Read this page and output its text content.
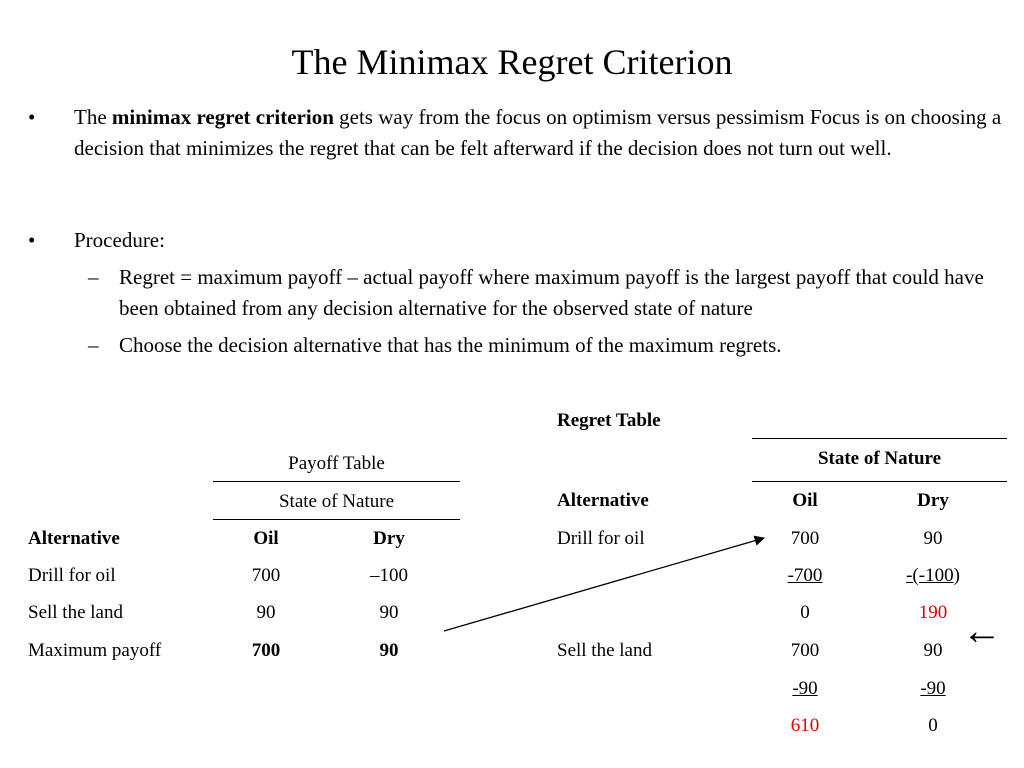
The Minimax Regret Criterion
•	The minimax regret criterion gets way from the focus on optimism versus pessimism Focus is on choosing a decision that minimizes the regret that can be felt afterward if the decision does not turn out well.
•	Procedure:
– Regret = maximum payoff – actual payoff where maximum payoff is the largest payoff that could have been obtained from any decision alternative for the observed state of nature
– Choose the decision alternative that has the minimum of the maximum regrets.
Payoff Table
State of Nature
Alternative	Oil	Dry
Drill for oil	700	–100
Sell the land	90	90
Maximum payoff	700	90
Regret Table
State of Nature
Alternative	Oil	Dry
Drill for oil	700	90
-700	-(-100)
0	190
Sell the land	700	90
-90	-90
610	0
←
